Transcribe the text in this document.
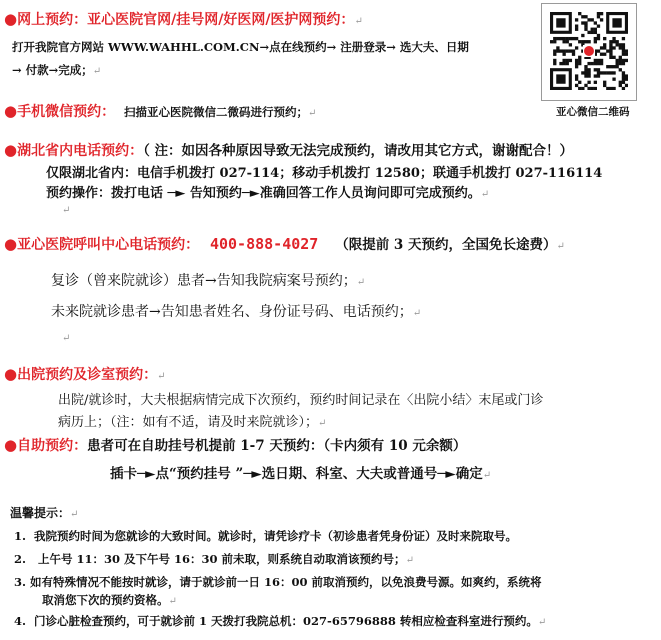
●网上预约：亚心医院官网/挂号网/好医网/医护网预约：↵
打开我院官方网站 WWW.WAHHL.COM.CN→点在线预约→ 注册登录→ 选大夫、日期
→ 付款→完成；↵
●手机微信预约： 扫描亚心医院微信二微码进行预约；↵	亚心微信二维码
●湖北省内电话预约：（ 注：如因各种原因导致无法完成预约，请改用其它方式，谢谢配合！）
仅限湖北省内：电信手机拨打 027-114；移动手机拨打 12580；联通手机拨打 027-116114
预约操作：拨打电话 ─► 告知预约─►准确回答工作人员询问即可完成预约。↵
↵
●亚心医院呼叫中心电话预约： 400-888-4027 （限提前 3 天预约，全国免长途费）↵
复诊（曾来院就诊）患者→告知我院病案号预约；↵
未来院就诊患者→告知患者姓名、身份证号码、电话预约；↵
↵
●出院预约及诊室预约：↵
出院/就诊时，大夫根据病情完成下次预约，预约时间记录在〈出院小结〉末尾或门诊
病历上；（注：如有不适，请及时来院就诊）；↵
●自助预约：患者可在自助挂号机提前 1-7 天预约：（卡内须有 10 元余额）
插卡─►点“预约挂号 ”─►选日期、科室、大夫或普通号─►确定↵
温馨提示：↵
1. 我院预约时间为您就诊的大致时间。就诊时，请凭诊疗卡（初诊患者凭身份证）及时来院取号。
2. 上午号 11：30 及下午号 16：30 前未取，则系统自动取消该预约号；↵
3. 如有特殊情况不能按时就诊，请于就诊前一日 16：00 前取消预约，以免浪费号源。如爽约，系统将
取消您下次的预约资格。↵
4. 门诊心脏检查预约，可于就诊前 1 天拨打我院总机：027-65796888 转相应检查科室进行预约。↵
